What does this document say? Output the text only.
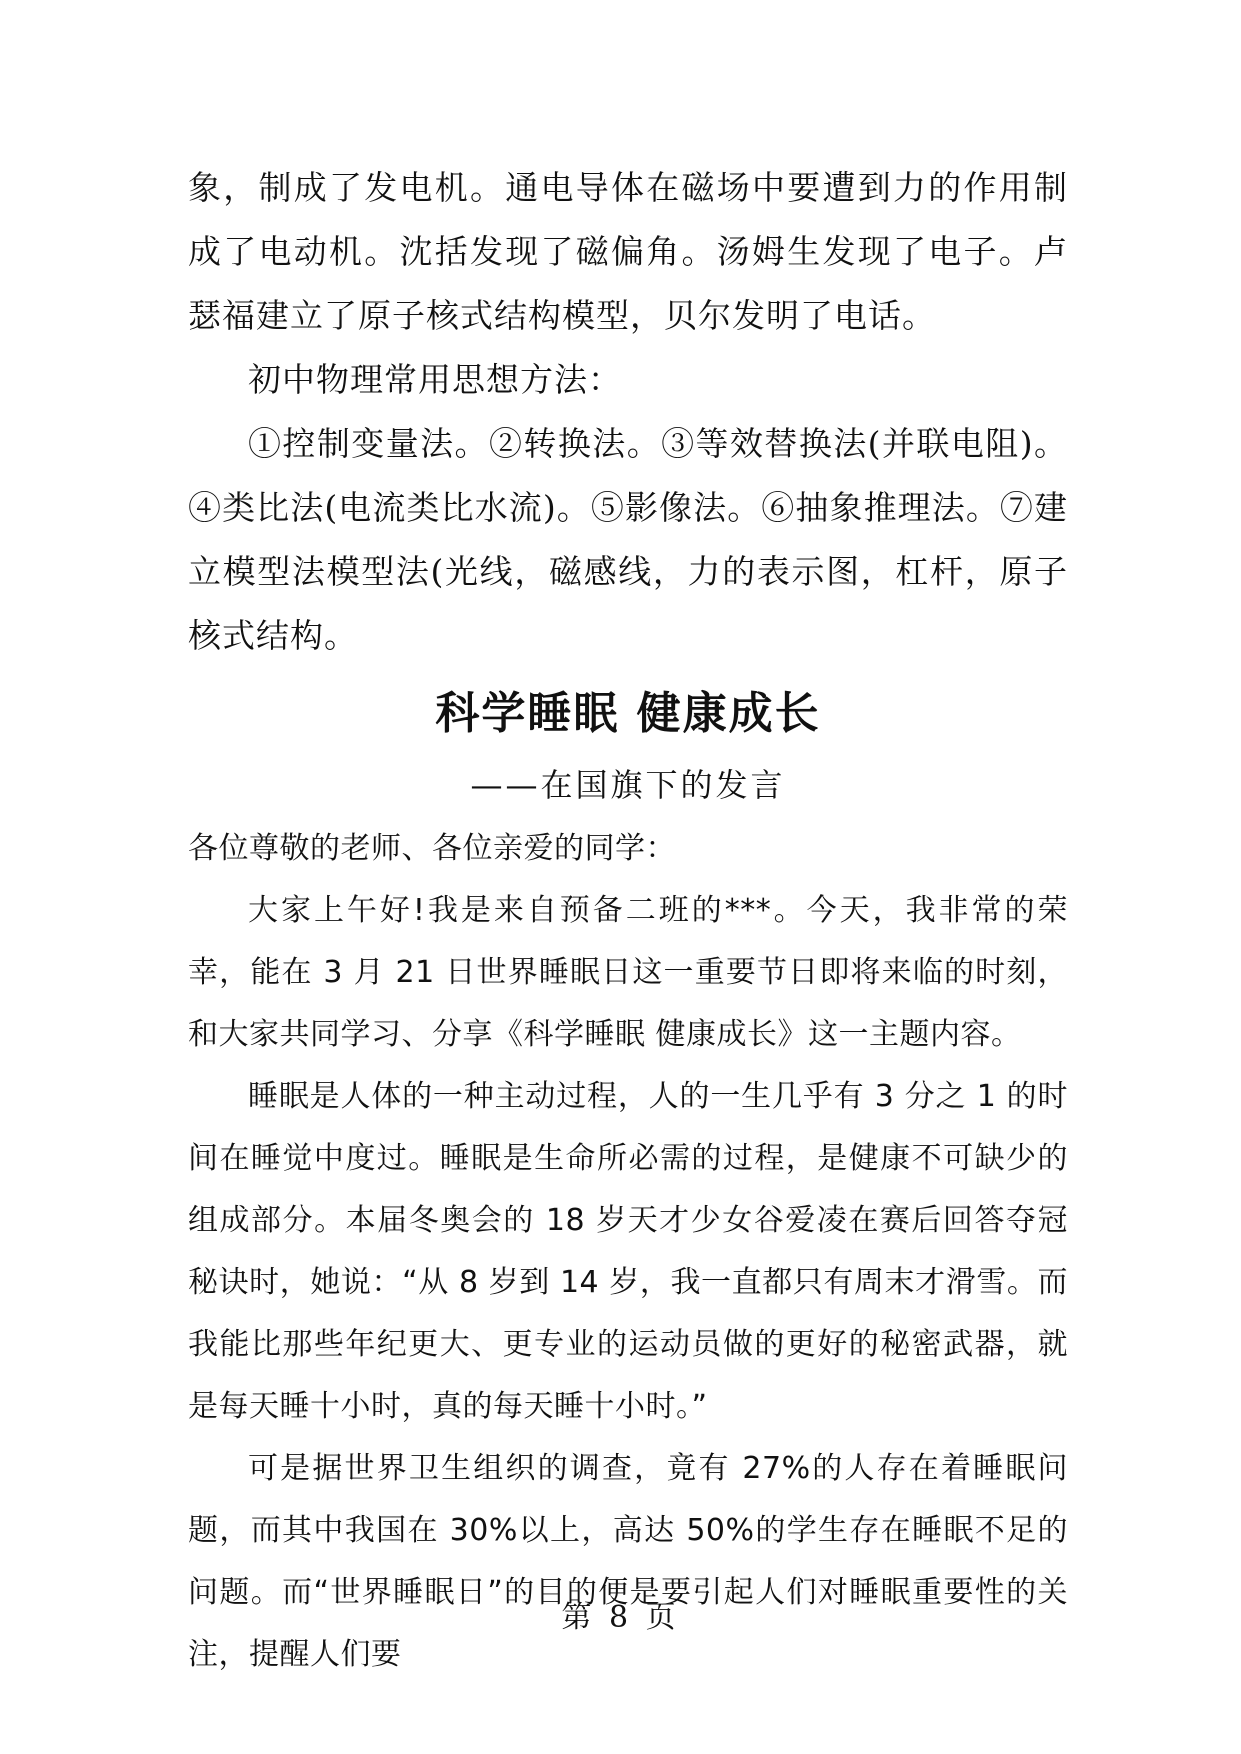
象，制成了发电机。通电导体在磁场中要遭到力的作用制成了电动机。沈括发现了磁偏角。汤姆生发现了电子。卢瑟福建立了原子核式结构模型，贝尔发明了电话。

初中物理常用思想方法：

①控制变量法。②转换法。③等效替换法(并联电阻)。④类比法(电流类比水流)。⑤影像法。⑥抽象推理法。⑦建立模型法模型法(光线，磁感线，力的表示图，杠杆，原子核式结构。

科学睡眠 健康成长
——在国旗下的发言

各位尊敬的老师、各位亲爱的同学：

大家上午好!我是来自预备二班的***。今天，我非常的荣幸，能在 3 月 21 日世界睡眠日这一重要节日即将来临的时刻，和大家共同学习、分享《科学睡眠 健康成长》这一主题内容。

睡眠是人体的一种主动过程，人的一生几乎有 3 分之 1 的时间在睡觉中度过。睡眠是生命所必需的过程，是健康不可缺少的组成部分。本届冬奥会的 18 岁天才少女谷爱凌在赛后回答夺冠秘诀时，她说：“从 8 岁到 14 岁，我一直都只有周末才滑雪。而我能比那些年纪更大、更专业的运动员做的更好的秘密武器，就是每天睡十小时，真的每天睡十小时。”

可是据世界卫生组织的调查，竟有 27%的人存在着睡眠问题，而其中我国在 30%以上，高达 50%的学生存在睡眠不足的问题。而“世界睡眠日”的目的便是要引起人们对睡眠重要性的关注，提醒人们要

第 8 页
